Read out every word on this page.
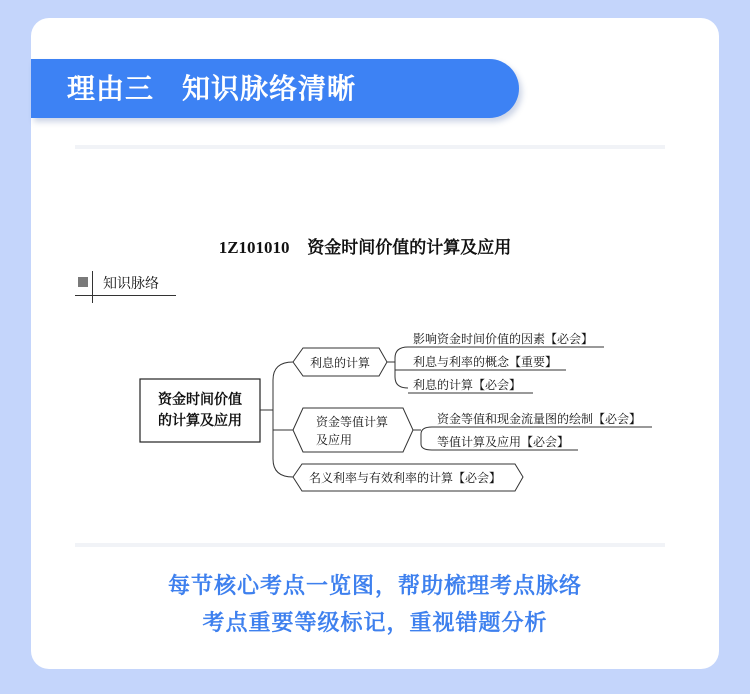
理由三 知识脉络清晰
1Z101010 资金时间价值的计算及应用
知识脉络
资金时间价值
的计算及应用
利息的计算
影响资金时间价值的因素【必会】
利息与利率的概念【重要】
利息的计算【必会】
资金等值计算
及应用
资金等值和现金流量图的绘制【必会】
等值计算及应用【必会】
名义利率与有效利率的计算【必会】
每节核心考点一览图，帮助梳理考点脉络
考点重要等级标记，重视错题分析
